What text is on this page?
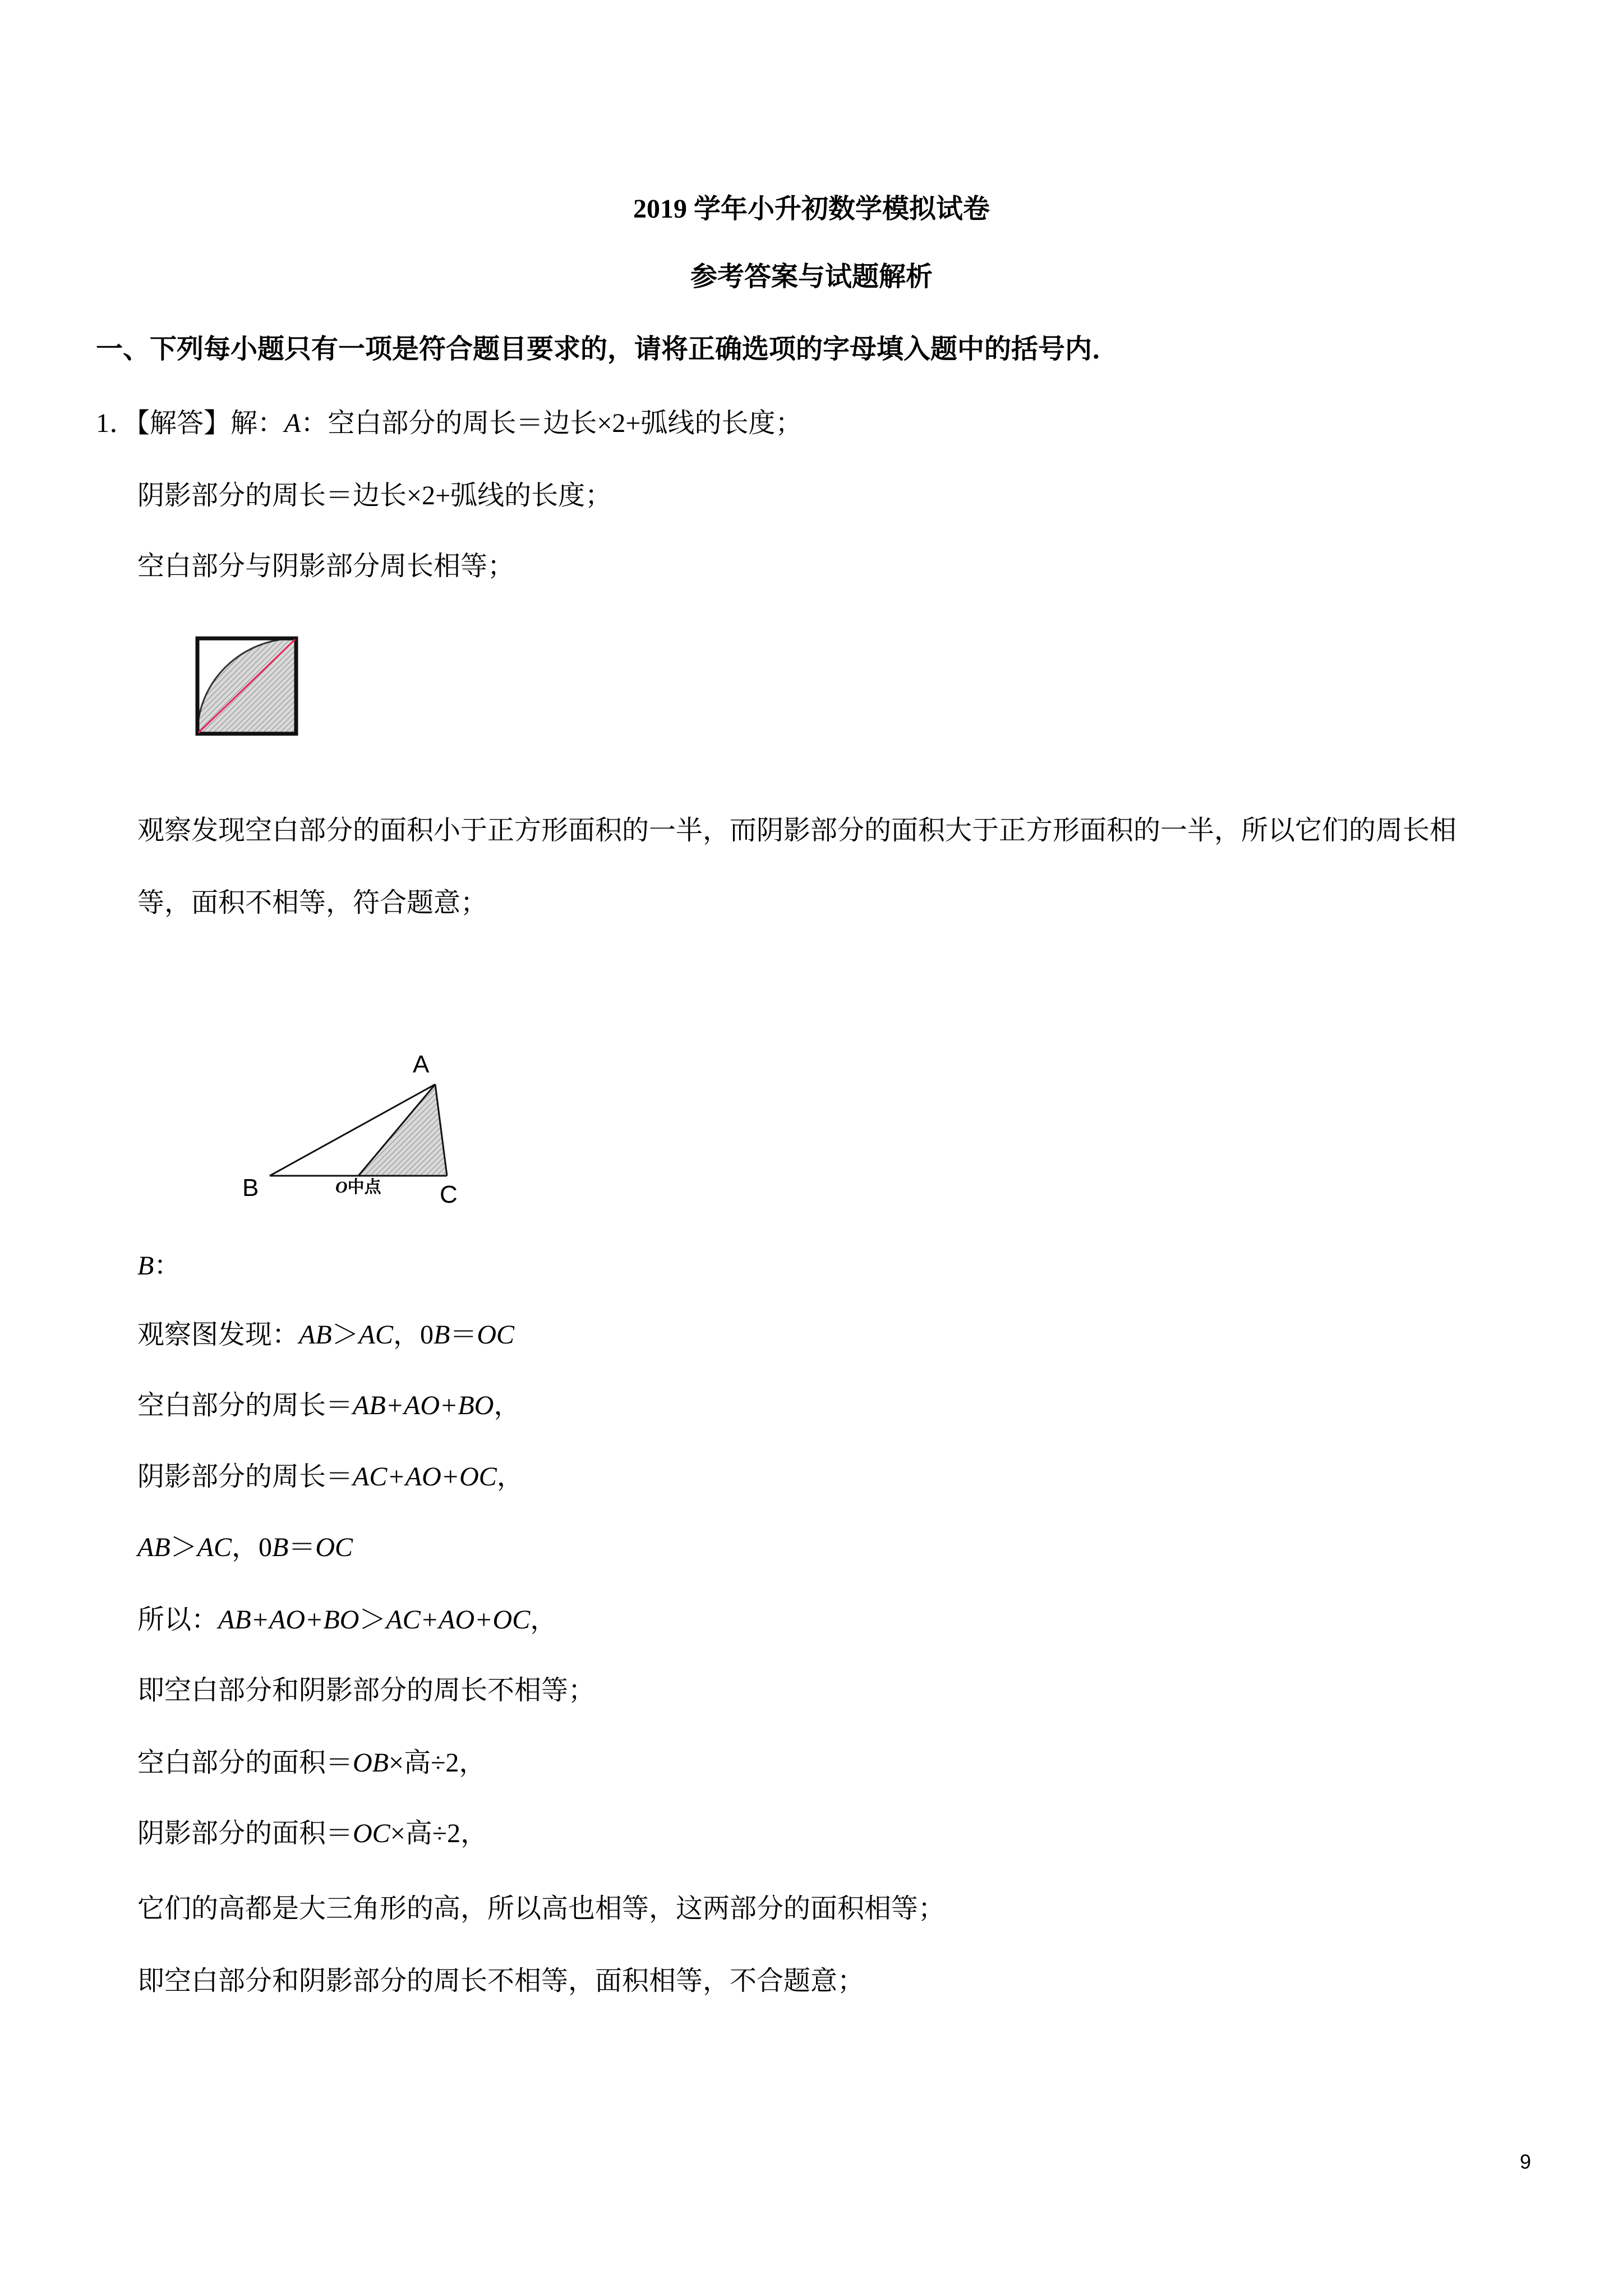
2019 学年小升初数学模拟试卷
参考答案与试题解析
一、下列每小题只有一项是符合题目要求的，请将正确选项的字母填入题中的括号内．
1．【解答】解：A：空白部分的周长＝边长×2+弧线的长度；
阴影部分的周长＝边长×2+弧线的长度；
空白部分与阴影部分周长相等；
观察发现空白部分的面积小于正方形面积的一半，而阴影部分的面积大于正方形面积的一半，所以它们的周长相
等，面积不相等，符合题意；
A
B	C
O中点
B：
观察图发现：AB＞AC，0B＝OC
空白部分的周长＝AB+AO+BO，
阴影部分的周长＝AC+AO+OC，
AB＞AC，0B＝OC
所以：AB+AO+BO＞AC+AO+OC，
即空白部分和阴影部分的周长不相等；
空白部分的面积＝OB×高÷2，
阴影部分的面积＝OC×高÷2，
它们的高都是大三角形的高，所以高也相等，这两部分的面积相等；
即空白部分和阴影部分的周长不相等，面积相等，不合题意；
9
